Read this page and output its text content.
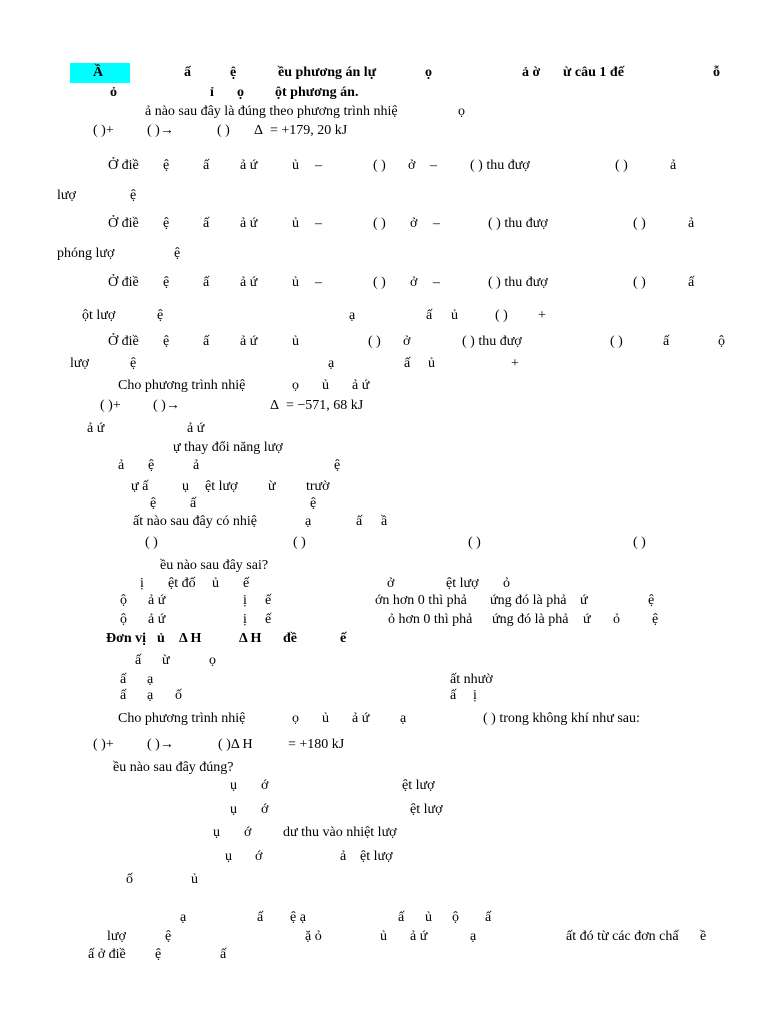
Ầ	ấ	ệ	ều phương án lự	ọ	ả ờ ừ câu 1 đế	ỗ
ỏ	ỉ ọ ột phương án.
ả nào sau đây là đúng theo phương trình nhiệ	ọ
( )+ ( )→	( ) Δ = +179, 20 kJ
Ở điề ệ ấ ả ứ ủ –	( ) ở – ( ) thu đượ	( )	ả
lượ	ệ
Ở điề ệ ấ ả ứ ủ –	( ) ở –	( ) thu đượ	( )	ả
phóng lượ	ệ
Ở điề ệ ấ ả ứ ủ –	( ) ở –	( ) thu đượ	( )	ấ
ột lượ	ệ	ạ	ấ ủ	( ) +
Ở điề ệ ấ ả ứ ủ	( ) ở	( ) thu đượ	( )	ấ	ộ
lượ	ệ	ạ	ấ ủ	+
Cho phương trình nhiệ	ọ ủ ả ứ
( )+ ( )→	Δ = −571, 68 kJ
ả ứ	ả ứ
ự thay đổi năng lượ
ả ệ	ả	ệ
ự ấ ụ ệt lượ ừ trườ
ệ ấ	ệ
ất nào sau đây có nhiệ	ạ	ấ ầ
( )	( )	( )	( )
ều nào sau đây sai?
ị ệt đố ủ ế	ở	ệt lượ ỏ
ộ ả ứ	ị ế	ớn hơn 0 thì phả ứng đó là phả ứ	ệ
ộ ả ứ	ị ế	ỏ hơn 0 thì phả ứng đó là phả ứ ỏ ệ
Đơn vị ủ Δ H	Δ H đề	ế
ấ ừ	ọ
ấ ạ	ất nhườ
ấ ạ ố	ấ ị
Cho phương trình nhiệ	ọ ủ ả ứ ạ	( ) trong không khí như sau:
( )+ ( )→	( )Δ H	= +180 kJ
ều nào sau đây đúng?
ụ ớ	ệt lượ
ụ ớ	ệt lượ
ụ ớ dư thu vào nhiệt lượ
ụ ớ	ả ệt lượ
ố	ủ
ạ	ấ ệ ạ	ấ ủ ộ ấ
lượ	ệ	ặ ỏ	ủ ả ứ	ạ	ất đó từ các đơn chấ ề
ấ ở điề ệ	ấ
